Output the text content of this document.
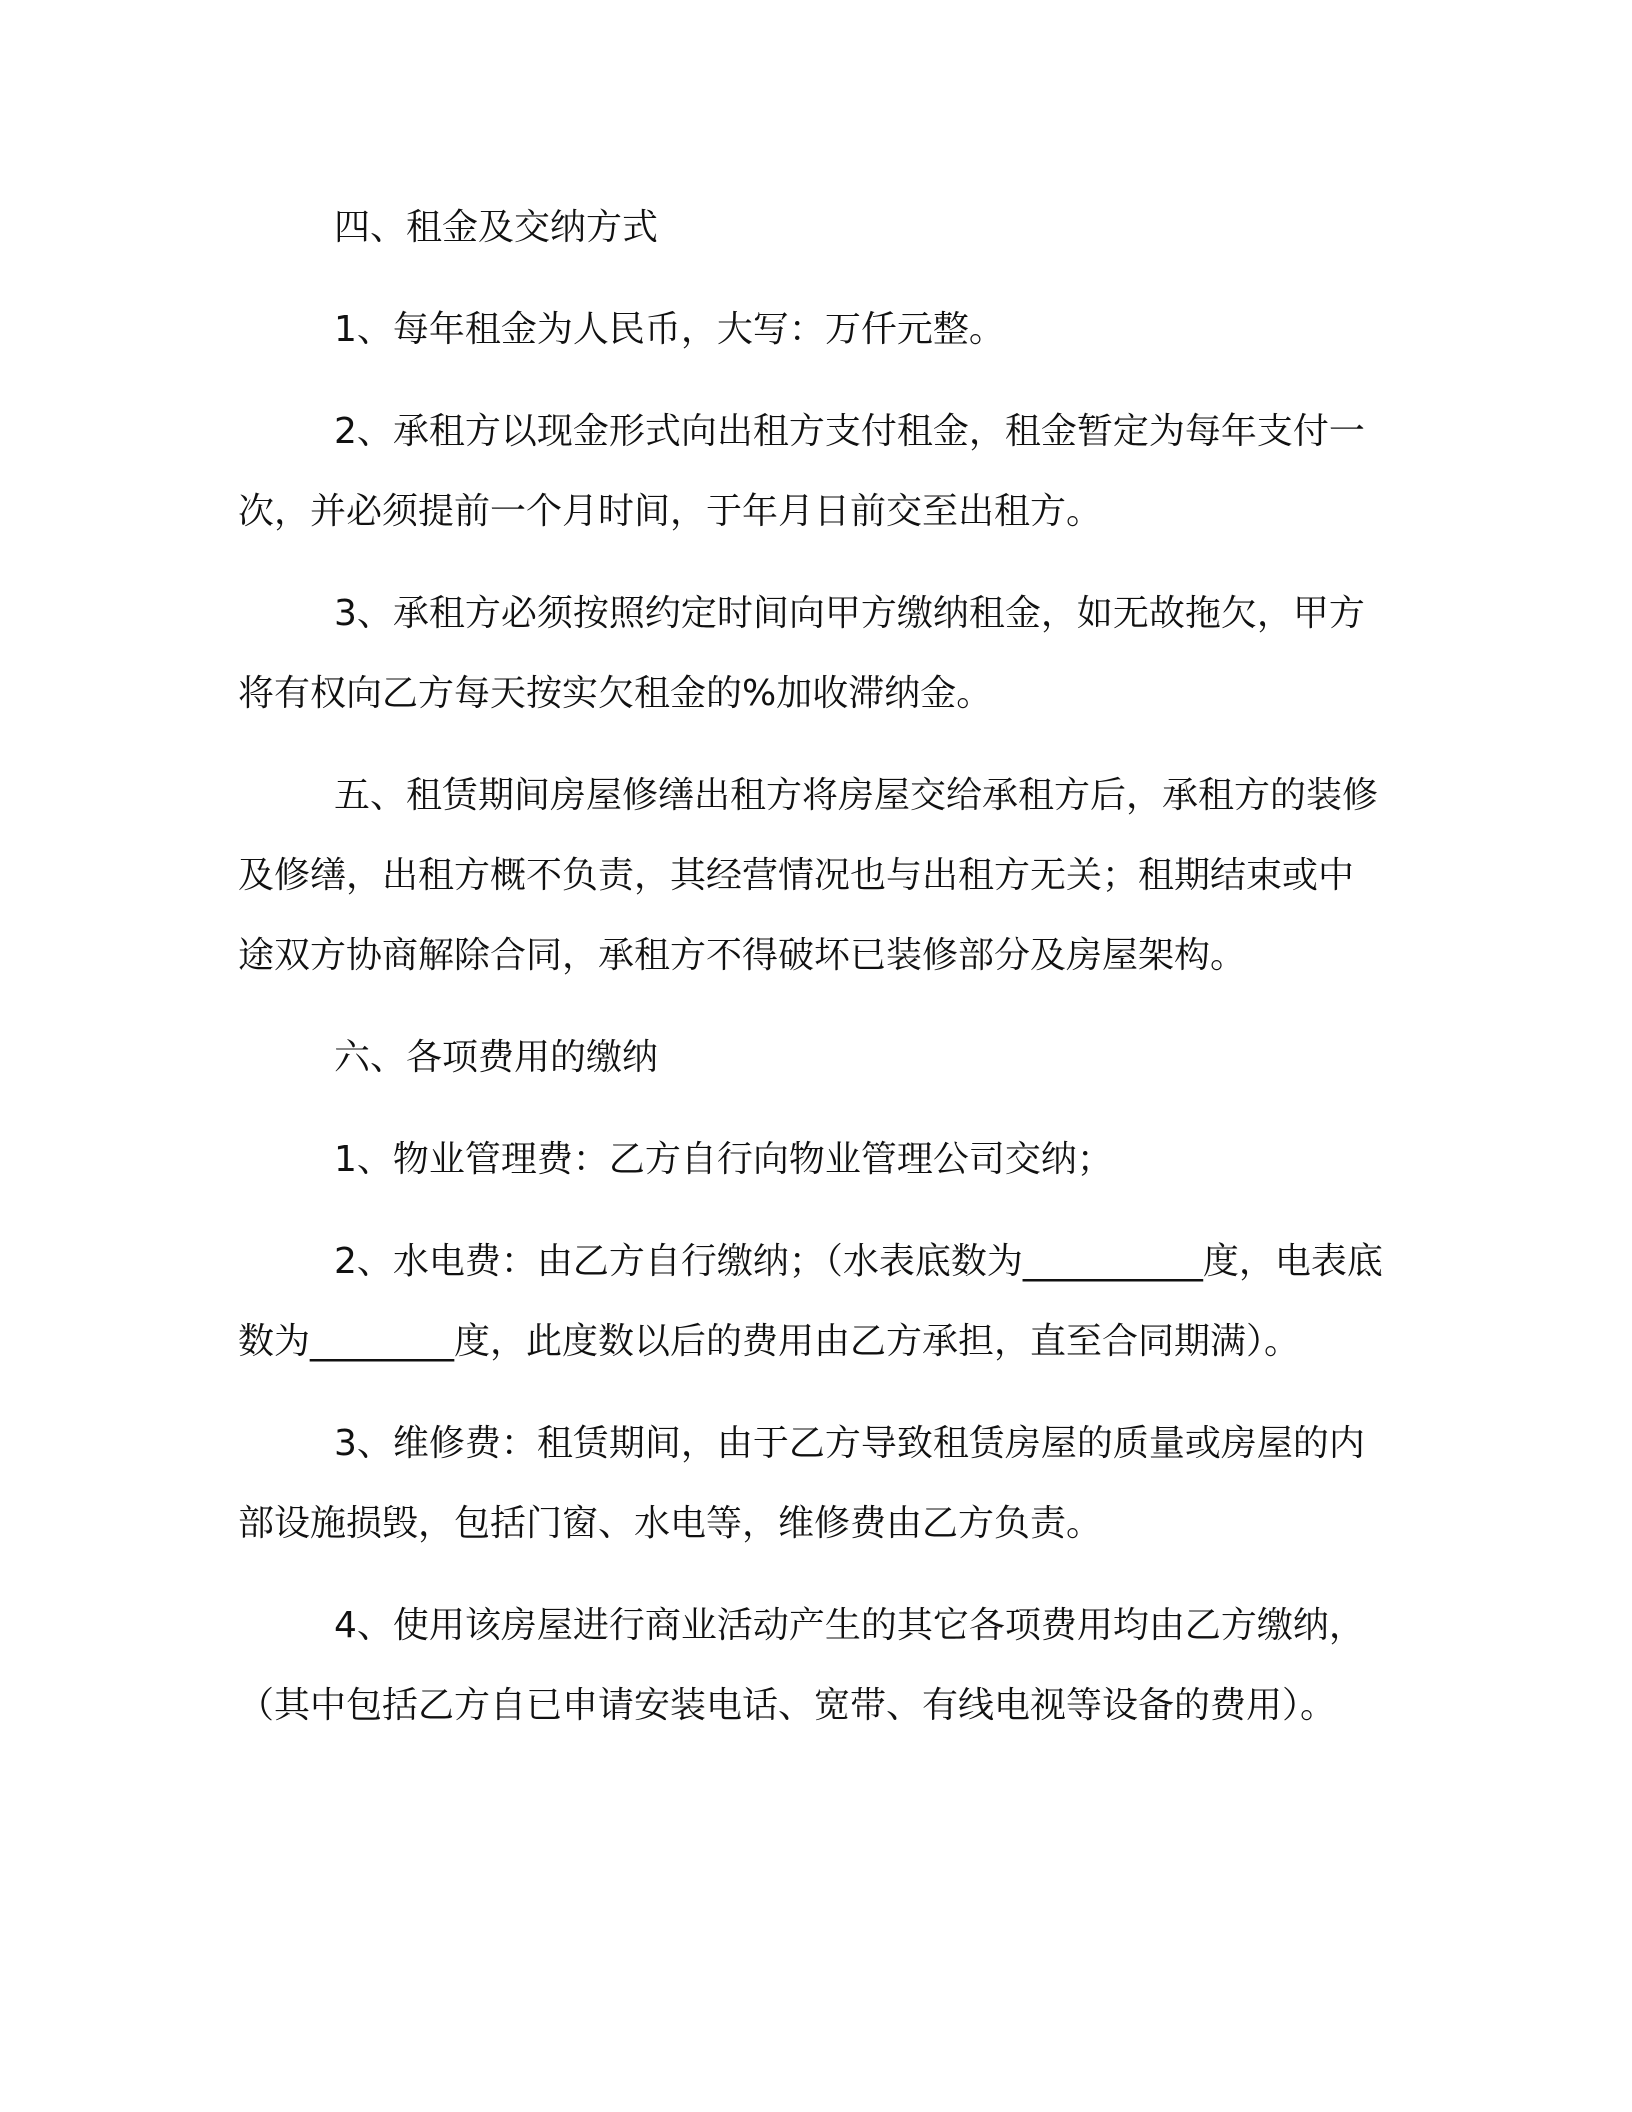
四、租金及交纳方式

1、每年租金为人民币，大写：万仟元整。

2、承租方以现金形式向出租方支付租金，租金暂定为每年支付一次，并必须提前一个月时间，于年月日前交至出租方。

3、承租方必须按照约定时间向甲方缴纳租金，如无故拖欠，甲方将有权向乙方每天按实欠租金的%加收滞纳金。

五、租赁期间房屋修缮出租方将房屋交给承租方后，承租方的装修及修缮，出租方概不负责，其经营情况也与出租方无关；租期结束或中途双方协商解除合同，承租方不得破坏已装修部分及房屋架构。

六、各项费用的缴纳

1、物业管理费：乙方自行向物业管理公司交纳；

2、水电费：由乙方自行缴纳；（水表底数为__________度，电表底数为________度，此度数以后的费用由乙方承担，直至合同期满）。

3、维修费：租赁期间，由于乙方导致租赁房屋的质量或房屋的内部设施损毁，包括门窗、水电等，维修费由乙方负责。

4、使用该房屋进行商业活动产生的其它各项费用均由乙方缴纳，（其中包括乙方自已申请安装电话、宽带、有线电视等设备的费用）。
